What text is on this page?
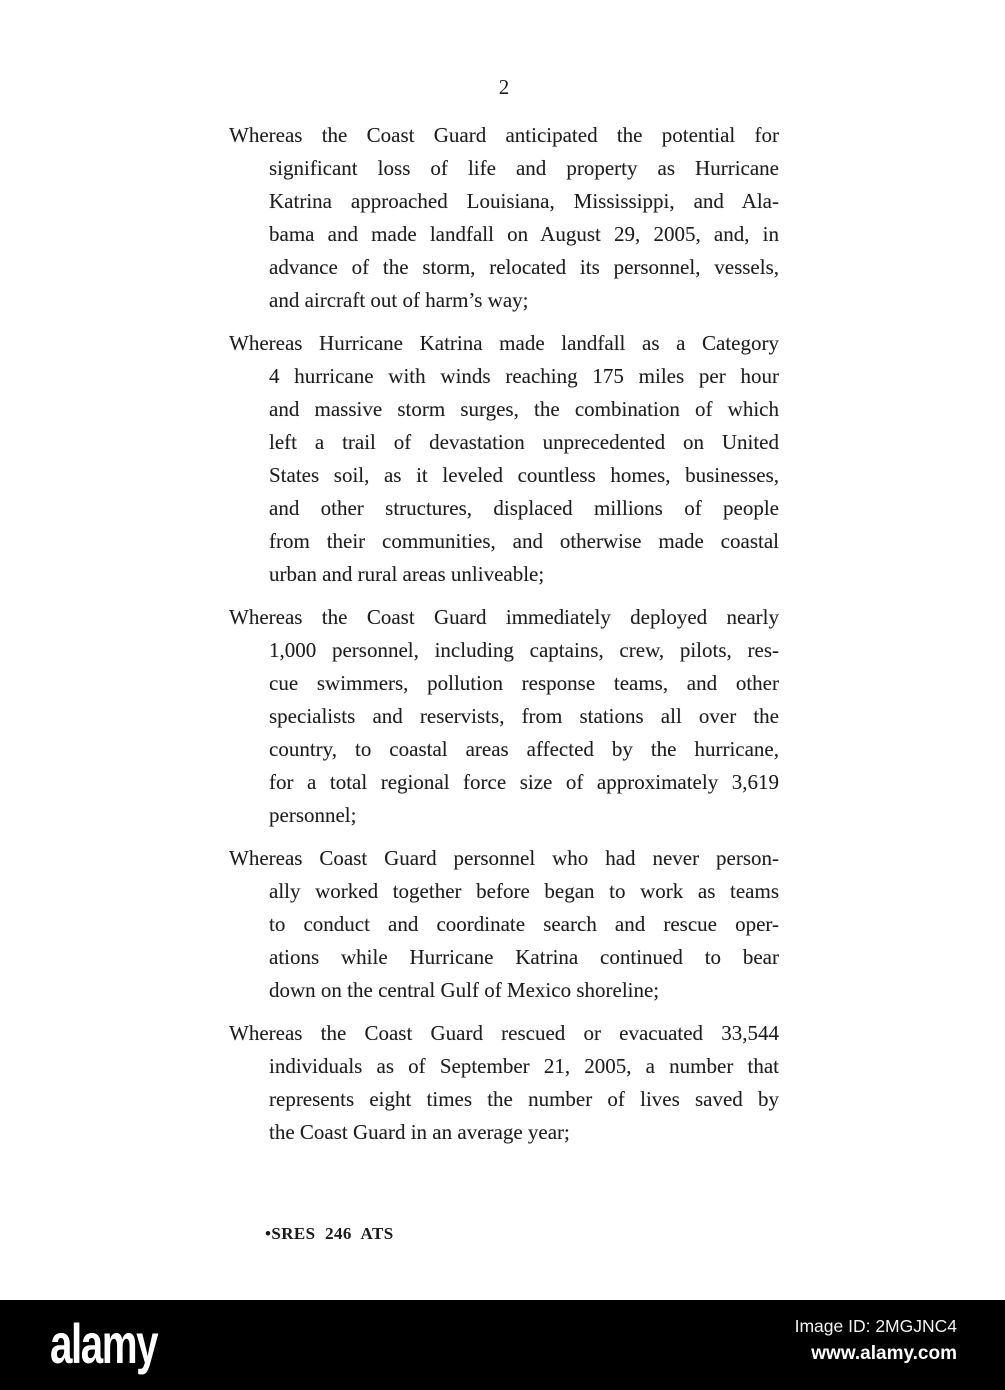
2
Whereas the Coast Guard anticipated the potential for
significant loss of life and property as Hurricane
Katrina approached Louisiana, Mississippi, and Ala-
bama and made landfall on August 29, 2005, and, in
advance of the storm, relocated its personnel, vessels,
and aircraft out of harm’s way;
Whereas Hurricane Katrina made landfall as a Category
4 hurricane with winds reaching 175 miles per hour
and massive storm surges, the combination of which
left a trail of devastation unprecedented on United
States soil, as it leveled countless homes, businesses,
and other structures, displaced millions of people
from their communities, and otherwise made coastal
urban and rural areas unliveable;
Whereas the Coast Guard immediately deployed nearly
1,000 personnel, including captains, crew, pilots, res-
cue swimmers, pollution response teams, and other
specialists and reservists, from stations all over the
country, to coastal areas affected by the hurricane,
for a total regional force size of approximately 3,619
personnel;
Whereas Coast Guard personnel who had never person-
ally worked together before began to work as teams
to conduct and coordinate search and rescue oper-
ations while Hurricane Katrina continued to bear
down on the central Gulf of Mexico shoreline;
Whereas the Coast Guard rescued or evacuated 33,544
individuals as of September 21, 2005, a number that
represents eight times the number of lives saved by
the Coast Guard in an average year;
•SRES 246 ATS
alamy	Image ID: 2MGJNC4
www.alamy.com
